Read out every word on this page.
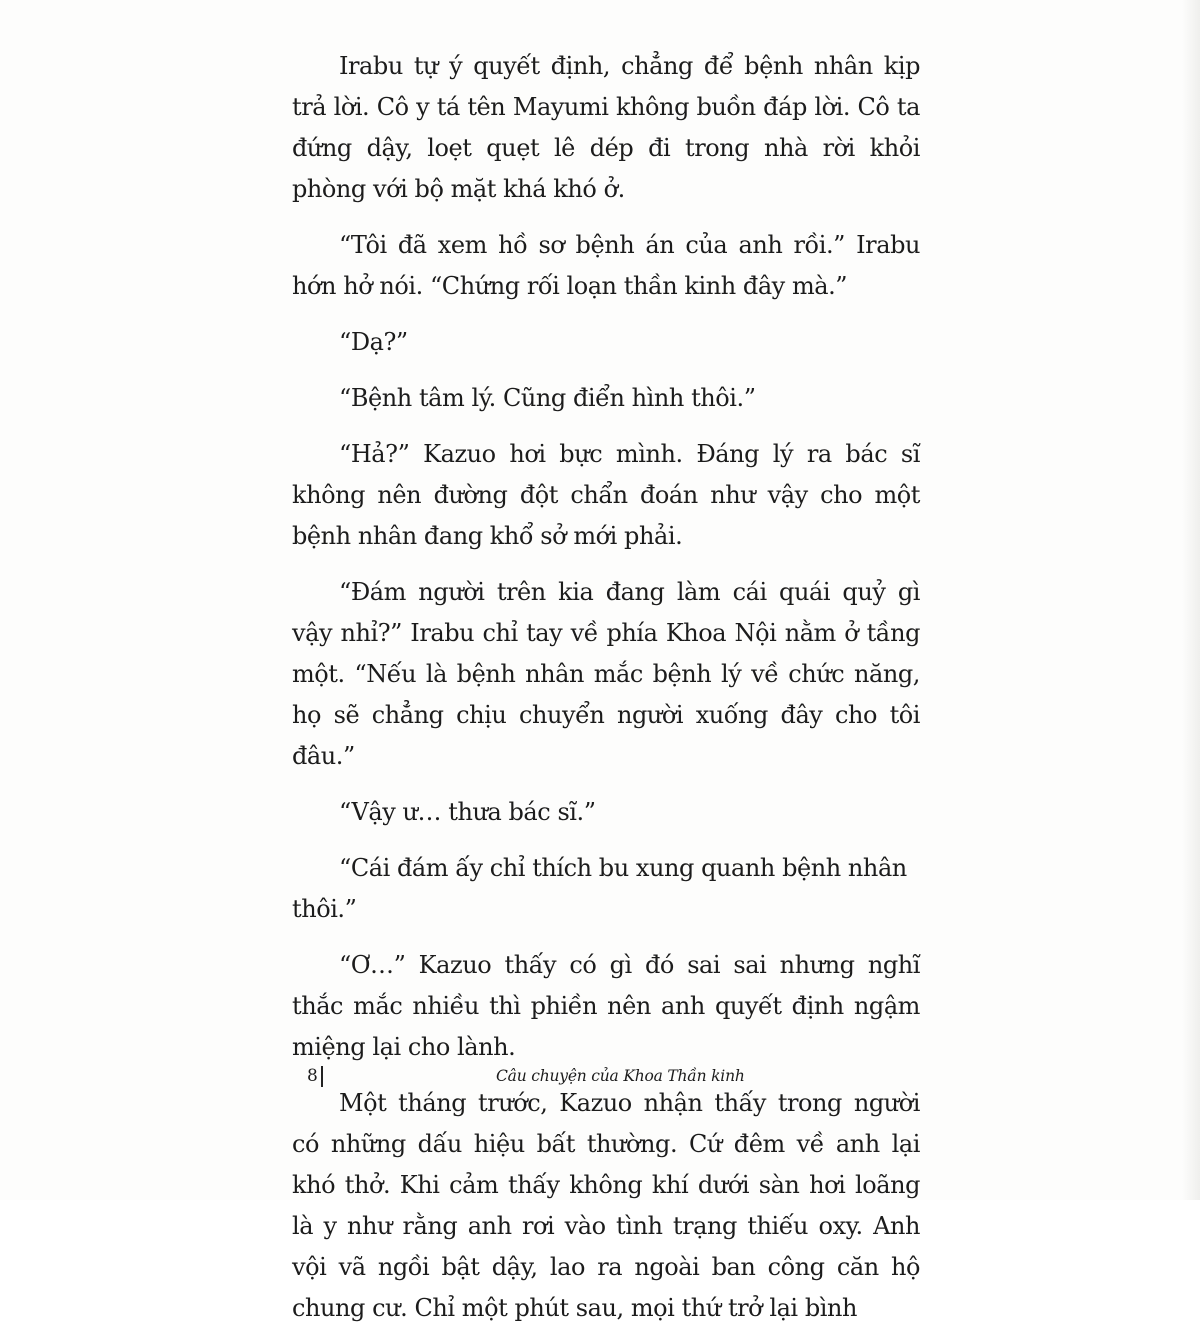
Irabu tự ý quyết định, chẳng để bệnh nhân kịp trả lời. Cô y tá tên Mayumi không buồn đáp lời. Cô ta đứng dậy, loẹt quẹt lê dép đi trong nhà rời khỏi phòng với bộ mặt khá khó ở.

“Tôi đã xem hồ sơ bệnh án của anh rồi.” Irabu hớn hở nói. “Chứng rối loạn thần kinh đây mà.”

“Dạ?”

“Bệnh tâm lý. Cũng điển hình thôi.”

“Hả?” Kazuo hơi bực mình. Đáng lý ra bác sĩ không nên đường đột chẩn đoán như vậy cho một bệnh nhân đang khổ sở mới phải.

“Đám người trên kia đang làm cái quái quỷ gì vậy nhỉ?” Irabu chỉ tay về phía Khoa Nội nằm ở tầng một. “Nếu là bệnh nhân mắc bệnh lý về chức năng, họ sẽ chẳng chịu chuyển người xuống đây cho tôi đâu.”

“Vậy ư… thưa bác sĩ.”

“Cái đám ấy chỉ thích bu xung quanh bệnh nhân thôi.”

“Ơ…” Kazuo thấy có gì đó sai sai nhưng nghĩ thắc mắc nhiều thì phiền nên anh quyết định ngậm miệng lại cho lành.

Một tháng trước, Kazuo nhận thấy trong người có những dấu hiệu bất thường. Cứ đêm về anh lại khó thở. Khi cảm thấy không khí dưới sàn hơi loãng là y như rằng anh rơi vào tình trạng thiếu oxy. Anh vội vã ngồi bật dậy, lao ra ngoài ban công căn hộ chung cư. Chỉ một phút sau, mọi thứ trở lại bình

8	Câu chuyện của Khoa Thần kinh
